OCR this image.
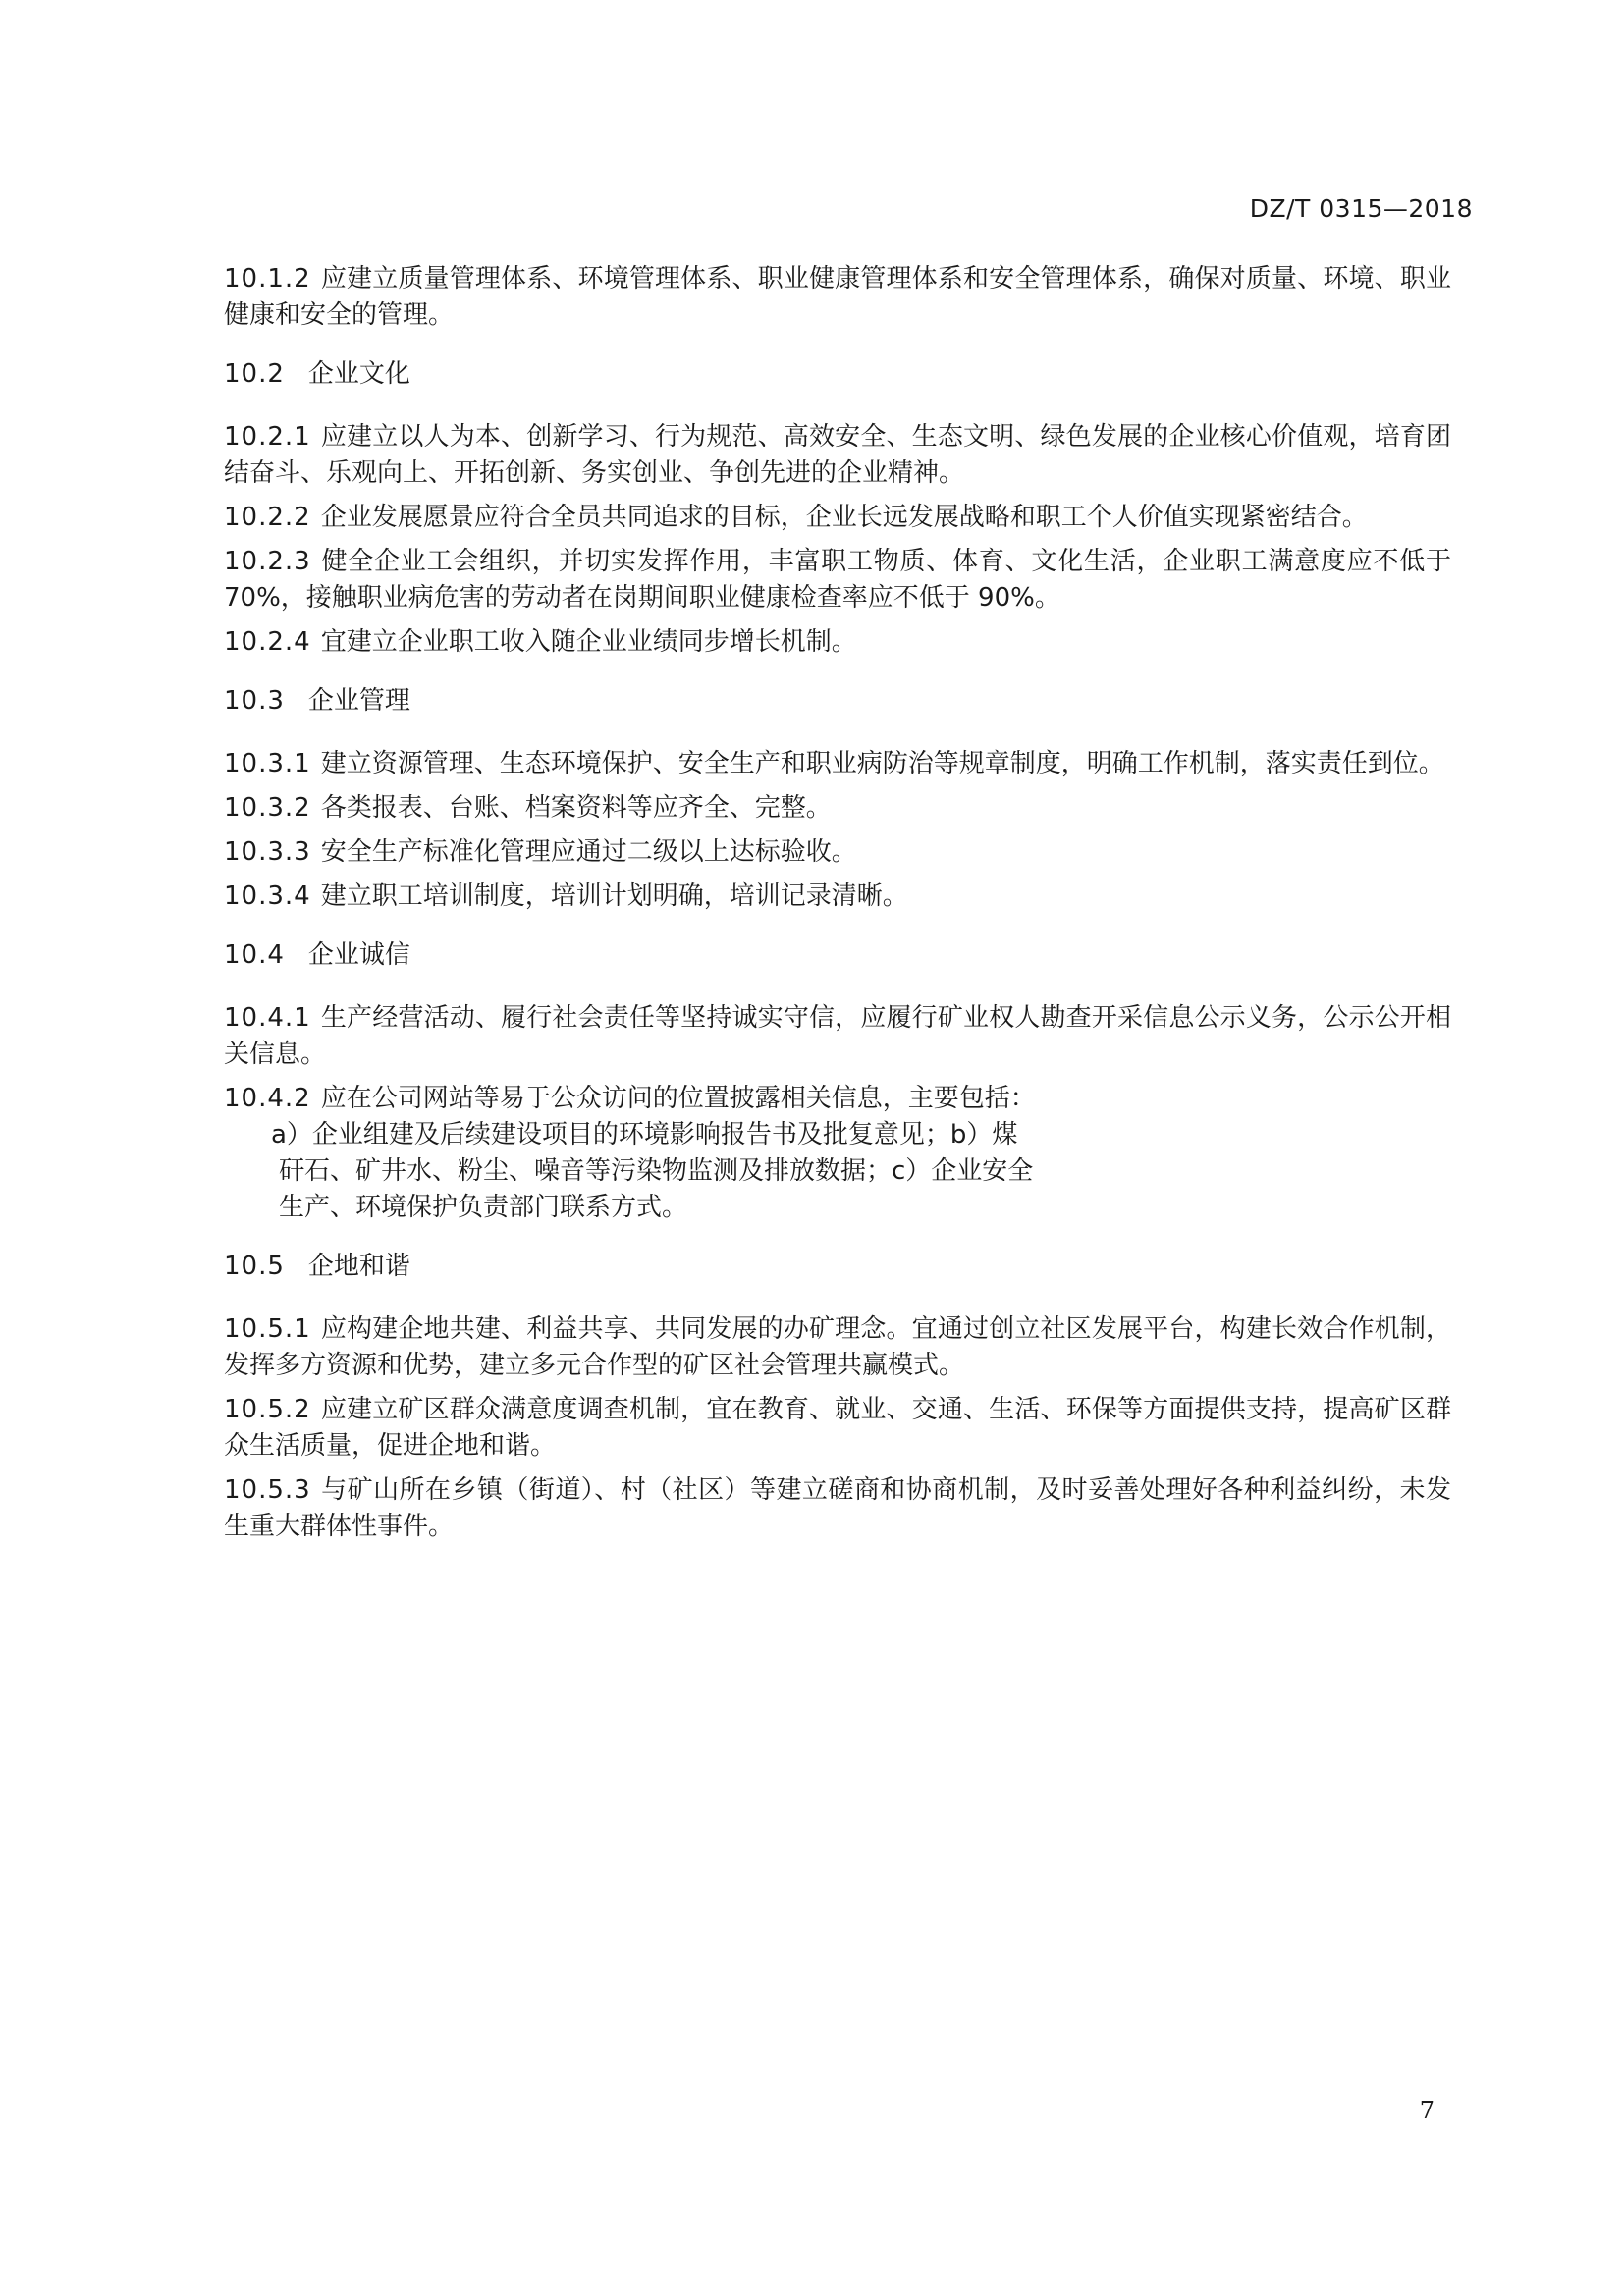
DZ/T 0315—2018

10.1.2 应建立质量管理体系、环境管理体系、职业健康管理体系和安全管理体系，确保对质量、环境、职业健康和安全的管理。

10.2 企业文化

10.2.1 应建立以人为本、创新学习、行为规范、高效安全、生态文明、绿色发展的企业核心价值观，培育团结奋斗、乐观向上、开拓创新、务实创业、争创先进的企业精神。

10.2.2 企业发展愿景应符合全员共同追求的目标，企业长远发展战略和职工个人价值实现紧密结合。

10.2.3 健全企业工会组织，并切实发挥作用，丰富职工物质、体育、文化生活，企业职工满意度应不低于 70%，接触职业病危害的劳动者在岗期间职业健康检查率应不低于 90%。

10.2.4 宜建立企业职工收入随企业业绩同步增长机制。

10.3 企业管理

10.3.1 建立资源管理、生态环境保护、安全生产和职业病防治等规章制度，明确工作机制，落实责任到位。

10.3.2 各类报表、台账、档案资料等应齐全、完整。

10.3.3 安全生产标准化管理应通过二级以上达标验收。

10.3.4 建立职工培训制度，培训计划明确，培训记录清晰。

10.4 企业诚信

10.4.1 生产经营活动、履行社会责任等坚持诚实守信，应履行矿业权人勘查开采信息公示义务，公示公开相关信息。

10.4.2 应在公司网站等易于公众访问的位置披露相关信息，主要包括：

a）企业组建及后续建设项目的环境影响报告书及批复意见；b）煤
矸石、矿井水、粉尘、噪音等污染物监测及排放数据；c）企业安全
生产、环境保护负责部门联系方式。

10.5 企地和谐

10.5.1 应构建企地共建、利益共享、共同发展的办矿理念。宜通过创立社区发展平台，构建长效合作机制，发挥多方资源和优势，建立多元合作型的矿区社会管理共赢模式。

10.5.2 应建立矿区群众满意度调查机制，宜在教育、就业、交通、生活、环保等方面提供支持，提高矿区群众生活质量，促进企地和谐。

10.5.3 与矿山所在乡镇（街道）、村（社区）等建立磋商和协商机制，及时妥善处理好各种利益纠纷，未发生重大群体性事件。

7
